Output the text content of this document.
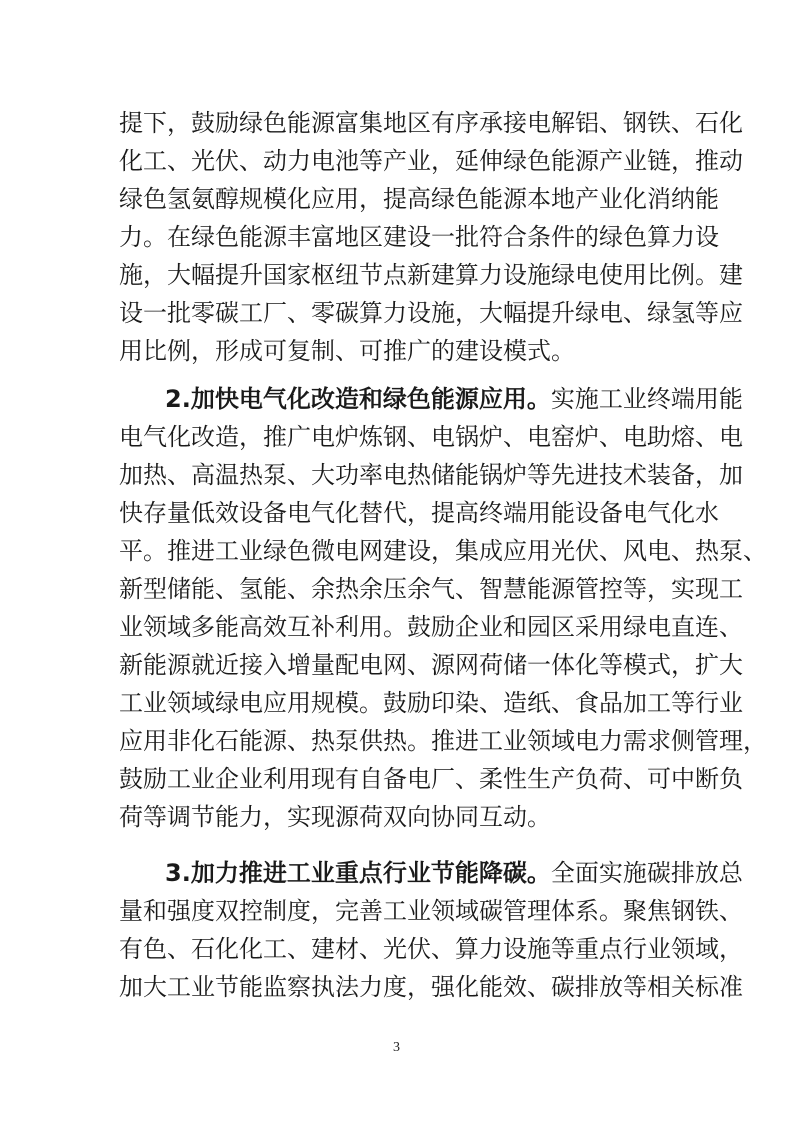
提下，鼓励绿色能源富集地区有序承接电解铝、钢铁、石化
化工、光伏、动力电池等产业，延伸绿色能源产业链，推动
绿色氢氨醇规模化应用，提高绿色能源本地产业化消纳能
力。在绿色能源丰富地区建设一批符合条件的绿色算力设
施，大幅提升国家枢纽节点新建算力设施绿电使用比例。建
设一批零碳工厂、零碳算力设施，大幅提升绿电、绿氢等应
用比例，形成可复制、可推广的建设模式。
2.加快电气化改造和绿色能源应用。实施工业终端用能
电气化改造，推广电炉炼钢、电锅炉、电窑炉、电助熔、电
加热、高温热泵、大功率电热储能锅炉等先进技术装备，加
快存量低效设备电气化替代，提高终端用能设备电气化水
平。推进工业绿色微电网建设，集成应用光伏、风电、热泵、
新型储能、氢能、余热余压余气、智慧能源管控等，实现工
业领域多能高效互补利用。鼓励企业和园区采用绿电直连、
新能源就近接入增量配电网、源网荷储一体化等模式，扩大
工业领域绿电应用规模。鼓励印染、造纸、食品加工等行业
应用非化石能源、热泵供热。推进工业领域电力需求侧管理，
鼓励工业企业利用现有自备电厂、柔性生产负荷、可中断负
荷等调节能力，实现源荷双向协同互动。
3.加力推进工业重点行业节能降碳。全面实施碳排放总
量和强度双控制度，完善工业领域碳管理体系。聚焦钢铁、
有色、石化化工、建材、光伏、算力设施等重点行业领域，
加大工业节能监察执法力度，强化能效、碳排放等相关标准
3
